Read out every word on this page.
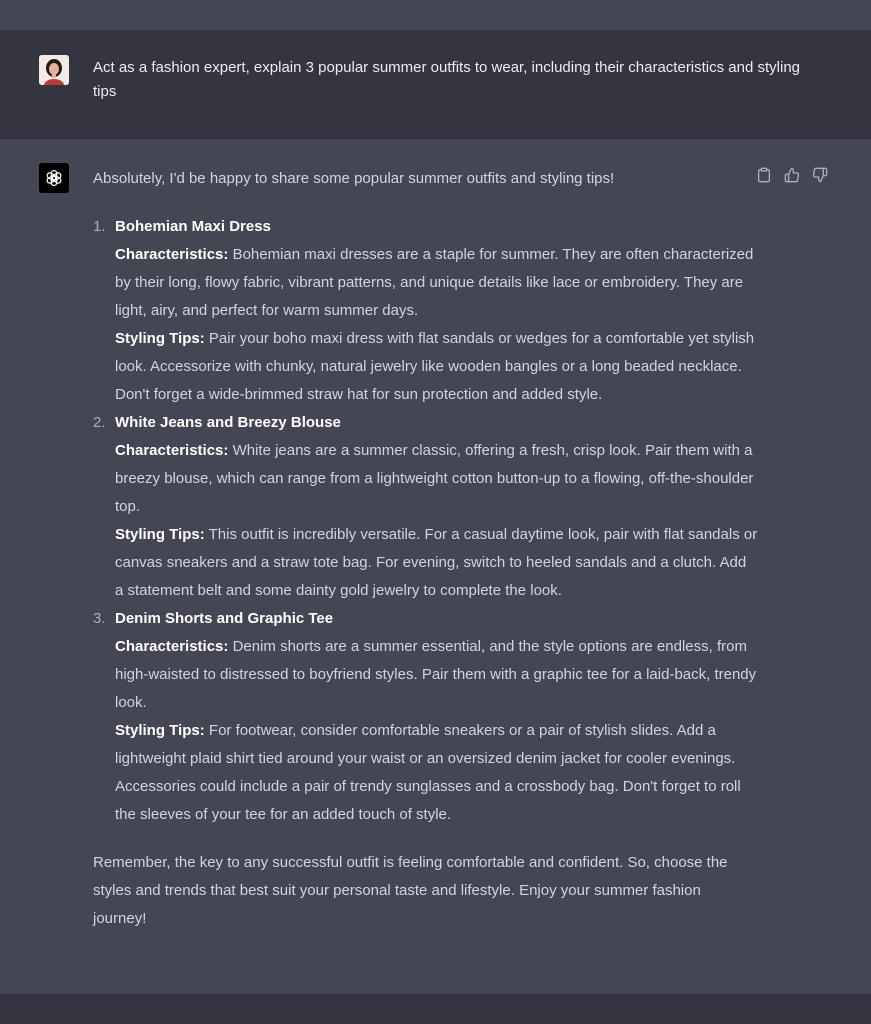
Act as a fashion expert, explain 3 popular summer outfits to wear, including their characteristics and styling tips

Absolutely, I'd be happy to share some popular summer outfits and styling tips!

1. Bohemian Maxi Dress
Characteristics: Bohemian maxi dresses are a staple for summer. They are often characterized by their long, flowy fabric, vibrant patterns, and unique details like lace or embroidery. They are light, airy, and perfect for warm summer days.
Styling Tips: Pair your boho maxi dress with flat sandals or wedges for a comfortable yet stylish look. Accessorize with chunky, natural jewelry like wooden bangles or a long beaded necklace. Don't forget a wide-brimmed straw hat for sun protection and added style.
2. White Jeans and Breezy Blouse
Characteristics: White jeans are a summer classic, offering a fresh, crisp look. Pair them with a breezy blouse, which can range from a lightweight cotton button-up to a flowing, off-the-shoulder top.
Styling Tips: This outfit is incredibly versatile. For a casual daytime look, pair with flat sandals or canvas sneakers and a straw tote bag. For evening, switch to heeled sandals and a clutch. Add a statement belt and some dainty gold jewelry to complete the look.
3. Denim Shorts and Graphic Tee
Characteristics: Denim shorts are a summer essential, and the style options are endless, from high-waisted to distressed to boyfriend styles. Pair them with a graphic tee for a laid-back, trendy look.
Styling Tips: For footwear, consider comfortable sneakers or a pair of stylish slides. Add a lightweight plaid shirt tied around your waist or an oversized denim jacket for cooler evenings. Accessories could include a pair of trendy sunglasses and a crossbody bag. Don't forget to roll the sleeves of your tee for an added touch of style.

Remember, the key to any successful outfit is feeling comfortable and confident. So, choose the styles and trends that best suit your personal taste and lifestyle. Enjoy your summer fashion journey!
